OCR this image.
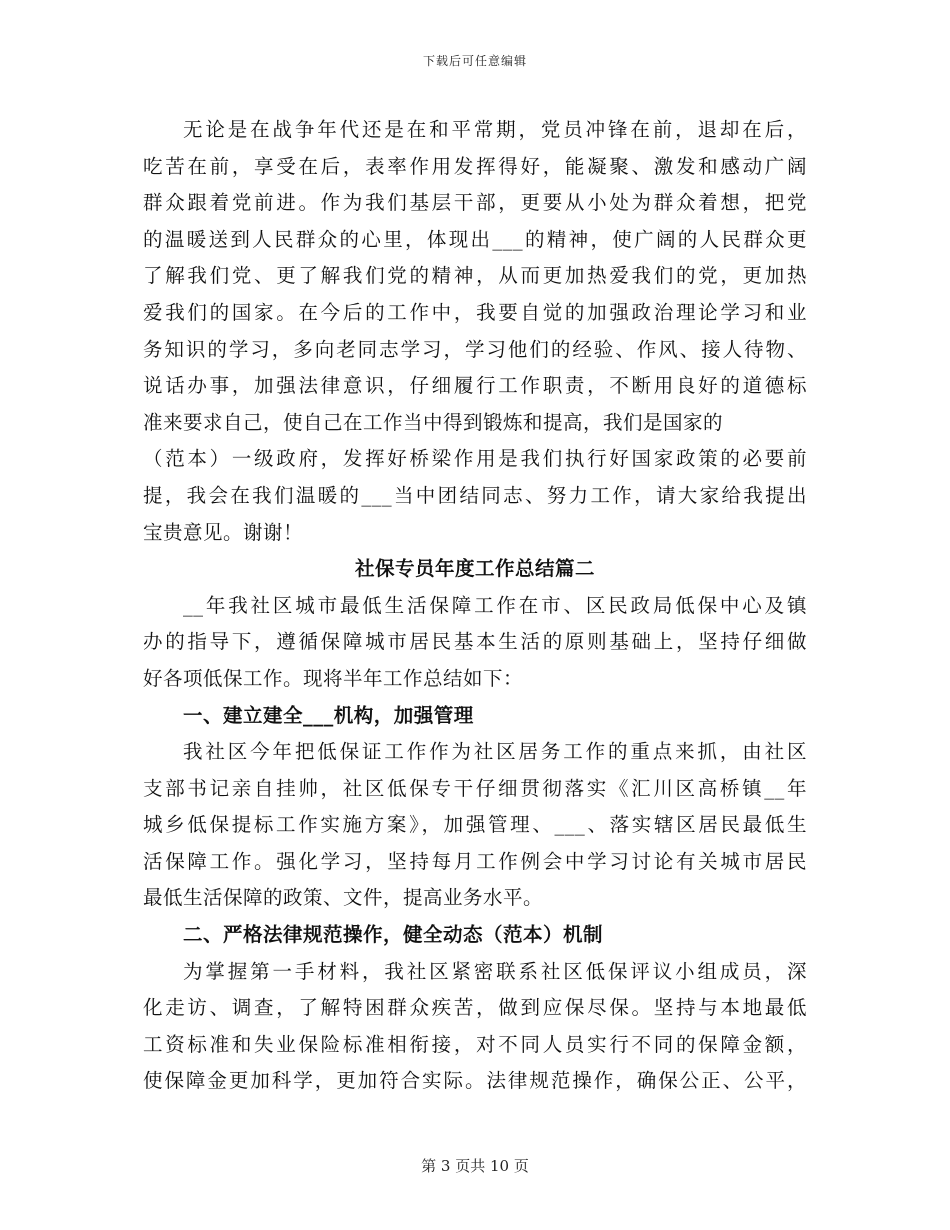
下载后可任意编辑
无论是在战争年代还是在和平常期，党员冲锋在前，退却在后，
吃苦在前，享受在后，表率作用发挥得好，能凝聚、激发和感动广阔
群众跟着党前进。作为我们基层干部，更要从小处为群众着想，把党
的温暖送到人民群众的心里，体现出___的精神，使广阔的人民群众更
了解我们党、更了解我们党的精神，从而更加热爱我们的党，更加热
爱我们的国家。在今后的工作中，我要自觉的加强政治理论学习和业
务知识的学习，多向老同志学习，学习他们的经验、作风、接人待物、
说话办事，加强法律意识，仔细履行工作职责，不断用良好的道德标
准来要求自己，使自己在工作当中得到锻炼和提高，我们是国家的
（范本）一级政府，发挥好桥梁作用是我们执行好国家政策的必要前
提，我会在我们温暖的___当中团结同志、努力工作，请大家给我提出
宝贵意见。谢谢！
社保专员年度工作总结篇二
__年我社区城市最低生活保障工作在市、区民政局低保中心及镇
办的指导下，遵循保障城市居民基本生活的原则基础上，坚持仔细做
好各项低保工作。现将半年工作总结如下：
一、建立建全___机构，加强管理
我社区今年把低保证工作作为社区居务工作的重点来抓，由社区
支部书记亲自挂帅，社区低保专干仔细贯彻落实《汇川区高桥镇__年
城乡低保提标工作实施方案》，加强管理、___、落实辖区居民最低生
活保障工作。强化学习，坚持每月工作例会中学习讨论有关城市居民
最低生活保障的政策、文件，提高业务水平。
二、严格法律规范操作，健全动态（范本）机制
为掌握第一手材料，我社区紧密联系社区低保评议小组成员，深
化走访、调查，了解特困群众疾苦，做到应保尽保。坚持与本地最低
工资标准和失业保险标准相衔接，对不同人员实行不同的保障金额，
使保障金更加科学，更加符合实际。法律规范操作，确保公正、公平，
第 3 页共 10 页
